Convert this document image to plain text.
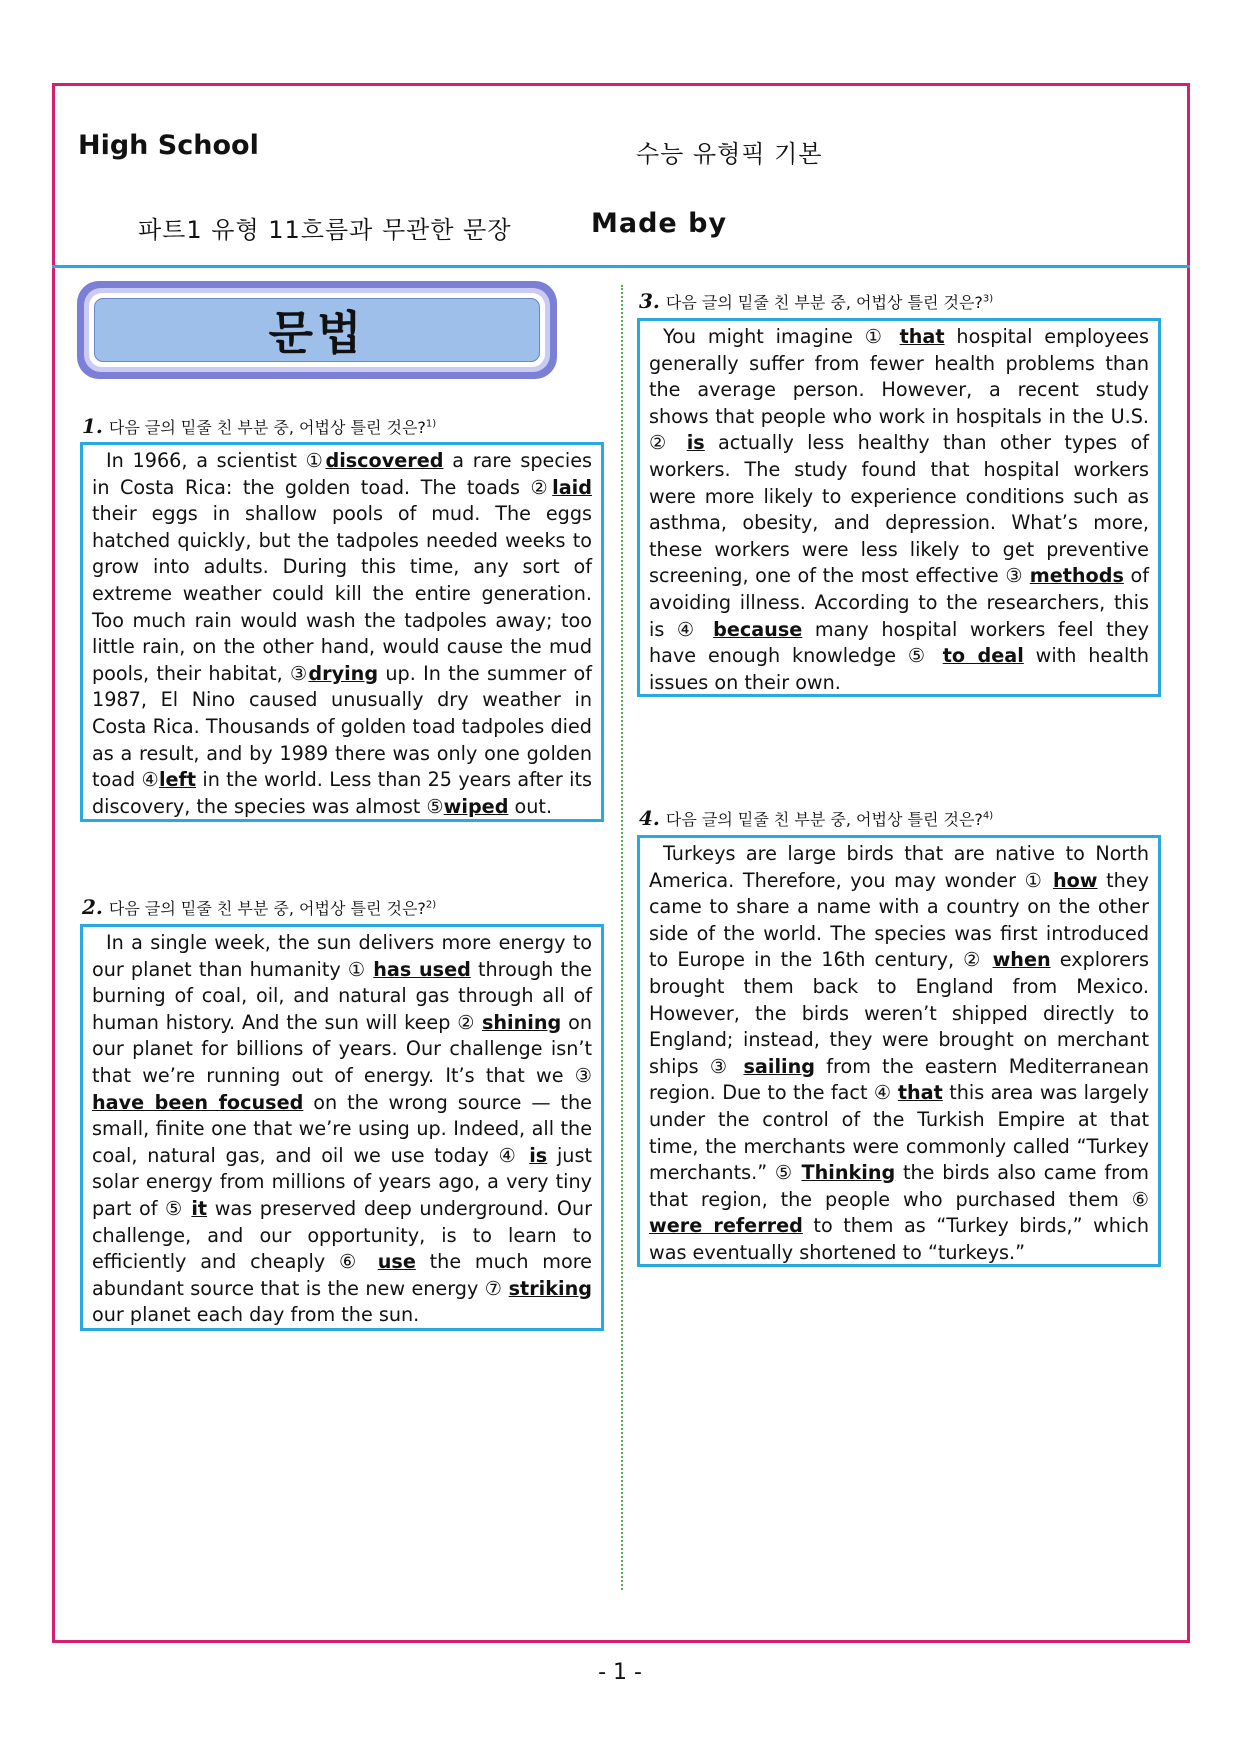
High School	수능 유형픽 기본
파트1 유형 11흐름과 무관한 문장	Made by
문법
1. 다음 글의 밑줄 친 부분 중, 어법상 틀린 것은?$^{1)}$

In 1966, a scientist ①discovered a rare species in Costa Rica: the golden toad. The toads ②laid their eggs in shallow pools of mud. The eggs hatched quickly, but the tadpoles needed weeks to grow into adults. During this time, any sort of extreme weather could kill the entire generation. Too much rain would wash the tadpoles away; too little rain, on the other hand, would cause the mud pools, their habitat, ③drying up. In the summer of 1987, El Nino caused unusually dry weather in Costa Rica. Thousands of golden toad tadpoles died as a result, and by 1989 there was only one golden toad ④left in the world. Less than 25 years after its discovery, the species was almost ⑤wiped out.

2. 다음 글의 밑줄 친 부분 중, 어법상 틀린 것은?$^{2)}$

In a single week, the sun delivers more energy to our planet than humanity ① has used through the burning of coal, oil, and natural gas through all of human history. And the sun will keep ② shining on our planet for billions of years. Our challenge isn’t that we’re running out of energy. It’s that we ③ have been focused on the wrong source — the small, finite one that we’re using up. Indeed, all the coal, natural gas, and oil we use today ④ is just solar energy from millions of years ago, a very tiny part of ⑤ it was preserved deep underground. Our challenge, and our opportunity, is to learn to efficiently and cheaply ⑥ use the much more abundant source that is the new energy ⑦ striking our planet each day from the sun.

3. 다음 글의 밑줄 친 부분 중, 어법상 틀린 것은?$^{3)}$

You might imagine ① that hospital employees generally suffer from fewer health problems than the average person. However, a recent study shows that people who work in hospitals in the U.S. ② is actually less healthy than other types of workers. The study found that hospital workers were more likely to experience conditions such as asthma, obesity, and depression. What’s more, these workers were less likely to get preventive screening, one of the most effective ③ methods of avoiding illness. According to the researchers, this is ④ because many hospital workers feel they have enough knowledge ⑤ to deal with health issues on their own.

4. 다음 글의 밑줄 친 부분 중, 어법상 틀린 것은?$^{4)}$

Turkeys are large birds that are native to North America. Therefore, you may wonder ① how they came to share a name with a country on the other side of the world. The species was first introduced to Europe in the 16th century, ② when explorers brought them back to England from Mexico. However, the birds weren’t shipped directly to England; instead, they were brought on merchant ships ③ sailing from the eastern Mediterranean region. Due to the fact ④ that this area was largely under the control of the Turkish Empire at that time, the merchants were commonly called “Turkey merchants.” ⑤ Thinking the birds also came from that region, the people who purchased them ⑥ were referred to them as “Turkey birds,” which was eventually shortened to “turkeys.”

- 1 -
